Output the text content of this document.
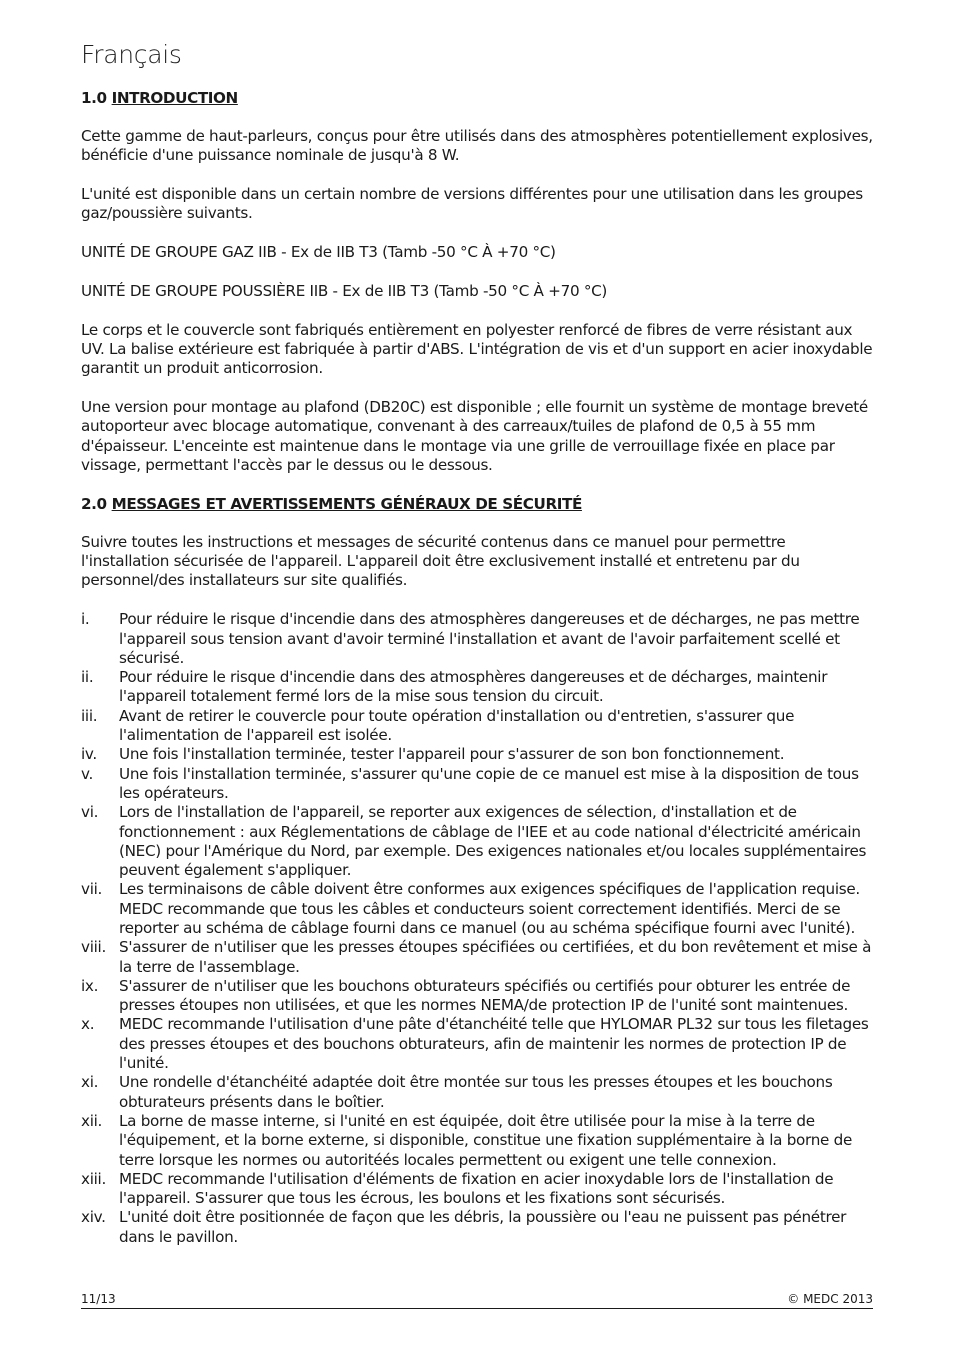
Français
1.0 INTRODUCTION

Cette gamme de haut-parleurs, conçus pour être utilisés dans des atmosphères potentiellement explosives, bénéficie d'une puissance nominale de jusqu'à 8 W.

L'unité est disponible dans un certain nombre de versions différentes pour une utilisation dans les groupes gaz/poussière suivants.

UNITÉ DE GROUPE GAZ IIB - Ex de IIB T3 (Tamb -50 °C À +70 °C)

UNITÉ DE GROUPE POUSSIÈRE IIB - Ex de IIB T3 (Tamb -50 °C À +70 °C)

Le corps et le couvercle sont fabriqués entièrement en polyester renforcé de fibres de verre résistant aux UV. La balise extérieure est fabriquée à partir d'ABS. L'intégration de vis et d'un support en acier inoxydable garantit un produit anticorrosion.

Une version pour montage au plafond (DB20C) est disponible ; elle fournit un système de montage breveté autoporteur avec blocage automatique, convenant à des carreaux/tuiles de plafond de 0,5 à 55 mm d'épaisseur. L'enceinte est maintenue dans le montage via une grille de verrouillage fixée en place par vissage, permettant l'accès par le dessus ou le dessous.

2.0 MESSAGES ET AVERTISSEMENTS GÉNÉRAUX DE SÉCURITÉ

Suivre toutes les instructions et messages de sécurité contenus dans ce manuel pour permettre l'installation sécurisée de l'appareil. L'appareil doit être exclusivement installé et entretenu par du personnel/des installateurs sur site qualifiés.

i. Pour réduire le risque d'incendie dans des atmosphères dangereuses et de décharges, ne pas mettre l'appareil sous tension avant d'avoir terminé l'installation et avant de l'avoir parfaitement scellé et sécurisé.
ii. Pour réduire le risque d'incendie dans des atmosphères dangereuses et de décharges, maintenir l'appareil totalement fermé lors de la mise sous tension du circuit.
iii. Avant de retirer le couvercle pour toute opération d'installation ou d'entretien, s'assurer que l'alimentation de l'appareil est isolée.
iv. Une fois l'installation terminée, tester l'appareil pour s'assurer de son bon fonctionnement.
v. Une fois l'installation terminée, s'assurer qu'une copie de ce manuel est mise à la disposition de tous les opérateurs.
vi. Lors de l'installation de l'appareil, se reporter aux exigences de sélection, d'installation et de fonctionnement : aux Réglementations de câblage de l'IEE et au code national d'électricité américain (NEC) pour l'Amérique du Nord, par exemple. Des exigences nationales et/ou locales supplémentaires peuvent également s'appliquer.
vii. Les terminaisons de câble doivent être conformes aux exigences spécifiques de l'application requise. MEDC recommande que tous les câbles et conducteurs soient correctement identifiés. Merci de se reporter au schéma de câblage fourni dans ce manuel (ou au schéma spécifique fourni avec l'unité).
viii. S'assurer de n'utiliser que les presses étoupes spécifiées ou certifiées, et du bon revêtement et mise à la terre de l'assemblage.
ix. S'assurer de n'utiliser que les bouchons obturateurs spécifiés ou certifiés pour obturer les entrée de presses étoupes non utilisées, et que les normes NEMA/de protection IP de l'unité sont maintenues.
x. MEDC recommande l'utilisation d'une pâte d'étanchéité telle que HYLOMAR PL32 sur tous les filetages des presses étoupes et des bouchons obturateurs, afin de maintenir les normes de protection IP de l'unité.
xi. Une rondelle d'étanchéité adaptée doit être montée sur tous les presses étoupes et les bouchons obturateurs présents dans le boîtier.
xii. La borne de masse interne, si l'unité en est équipée, doit être utilisée pour la mise à la terre de l'équipement, et la borne externe, si disponible, constitue une fixation supplémentaire à la borne de terre lorsque les normes ou autoritéés locales permettent ou exigent une telle connexion.
xiii. MEDC recommande l'utilisation d'éléments de fixation en acier inoxydable lors de l'installation de l'appareil. S'assurer que tous les écrous, les boulons et les fixations sont sécurisés.
xiv. L'unité doit être positionnée de façon que les débris, la poussière ou l'eau ne puissent pas pénétrer dans le pavillon.
11/13	© MEDC 2013
